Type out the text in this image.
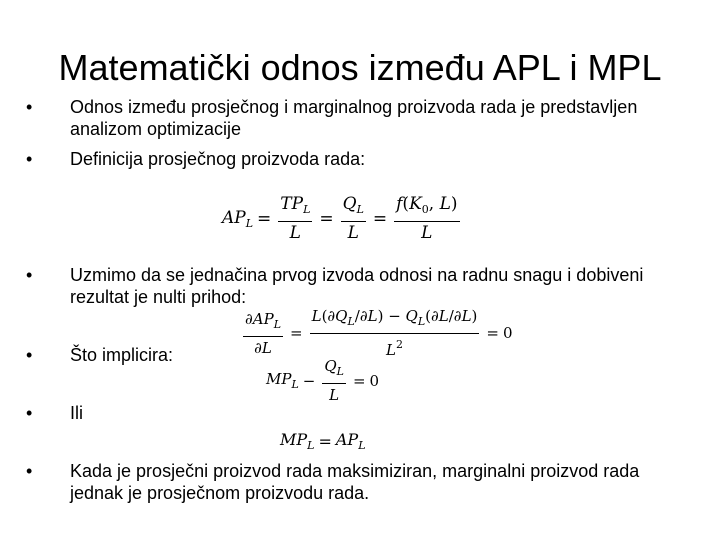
Matematički odnos između APL i MPL
• Odnos između prosječnog i marginalnog proizvoda rada je predstavljen analizom optimizacije
• Definicija prosječnog proizvoda rada:
$AP_L = \frac{TP_L}{L} = \frac{Q_L}{L} = \frac{f(K_0, L)}{L}$
• Uzmimo da se jednačina prvog izvoda odnosi na radnu snagu i dobiveni rezultat je nulti prihod:
$\frac{\partial AP_L}{\partial L} = \frac{L(\partial Q_L/\partial L) - Q_L(\partial L/\partial L)}{L^2} = 0$
• Što implicira:
$MP_L - \frac{Q_L}{L} = 0$
• Ili
$MP_L = AP_L$
• Kada je prosječni proizvod rada maksimiziran, marginalni proizvod rada jednak je prosječnom proizvodu rada.
